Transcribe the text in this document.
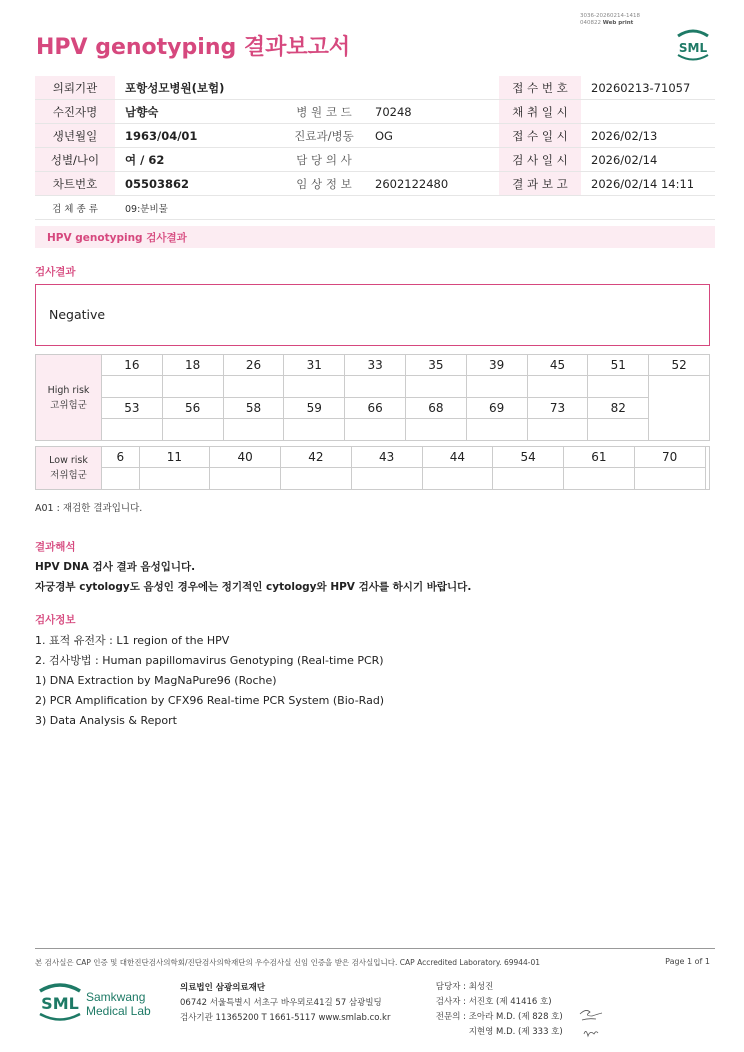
3036-20260214-1418
040822 Web print
HPV genotyping 결과보고서	SML
의뢰기관	포항성모병원(보험)			접 수 번 호	20260213-71057
수진자명	남향숙	병 원 코 드	70248	채 취 일 시	
생년월일	1963/04/01	진료과/병동	OG	접 수 일 시	2026/02/13
성별/나이	여 / 62	담 당 의 사		검 사 일 시	2026/02/14
차트번호	05503862	임 상 정 보	2602122480	결 과 보 고	2026/02/14 14:11
검 체 종 류	09:분비물				
HPV genotyping 검사결과
검사결과
Negative
High risk
고위험군	16	18	26	31	33	35	39	45	51	52

	53	56	58	59	66	68	69	73	82	

Low risk
저위험군	6	11	40	42	43	44	54	61	70	

A01 : 재검한 결과입니다.
결과해석
HPV DNA 검사 결과 음성입니다.
자궁경부 cytology도 음성인 경우에는 정기적인 cytology와 HPV 검사를 하시기 바랍니다.
검사정보
1. 표적 유전자 : L1 region of the HPV
2. 검사방법 : Human papillomavirus Genotyping (Real-time PCR)
1) DNA Extraction by MagNaPure96 (Roche)
2) PCR Amplification by CFX96 Real-time PCR System (Bio-Rad)
3) Data Analysis & Report
본 검사실은 CAP 인증 및 대한진단검사의학회/진단검사의학재단의 우수검사실 신임 인증을 받은 검사실입니다. CAP Accredited Laboratory. 69944-01	Page 1 of 1
SML Samkwang
Medical Lab
의료법인 삼광의료재단
06742 서울특별시 서초구 바우뫼로41길 57 삼광빌딩
검사기관 11365200 T 1661-5117 www.smlab.co.kr
담당자 : 최성진
검사자 : 서진호 (제 41416 호)
전문의 : 조아라 M.D. (제 828 호)
지현영 M.D. (제 333 호)
